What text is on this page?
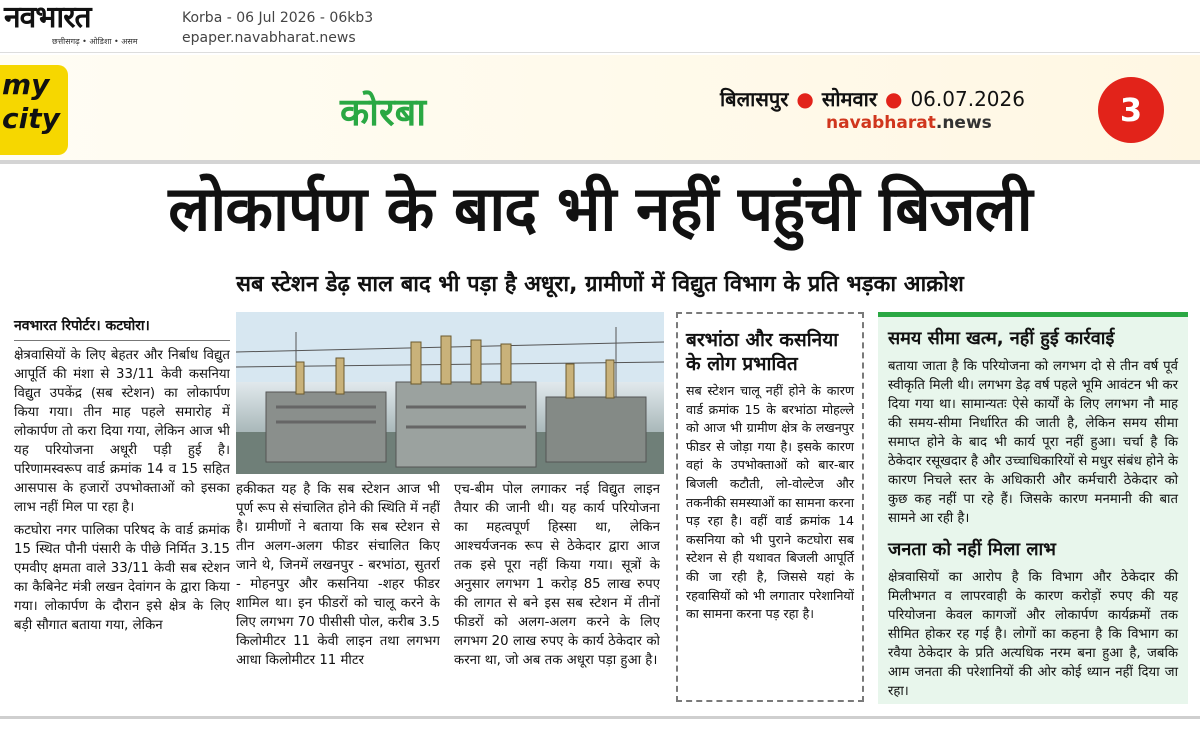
नवभारत
छत्तीसगढ़ • ओडिशा • असम
Korba - 06 Jul 2026 - 06kb3
epaper.navabharat.news
my
city	कोरबा	बिलासपुर ● सोमवार ● 06.07.2026
navabharat.news	3
लोकार्पण के बाद भी नहीं पहुंची बिजली
सब स्टेशन डेढ़ साल बाद भी पड़ा है अधूरा, ग्रामीणों में विद्युत विभाग के प्रति भड़का आक्रोश
नवभारत रिपोर्टर। कटघोरा।

क्षेत्रवासियों के लिए बेहतर और निर्बाध विद्युत आपूर्ति की मंशा से 33/11 केवी कसनिया विद्युत उपकेंद्र (सब स्टेशन) का लोकार्पण किया गया। तीन माह पहले समारोह में लोकार्पण तो करा दिया गया, लेकिन आज भी यह परियोजना अधूरी पड़ी हुई है। परिणामस्वरूप वार्ड क्रमांक 14 व 15 सहित आसपास के हजारों उपभोक्ताओं को इसका लाभ नहीं मिल पा रहा है।

कटघोरा नगर पालिका परिषद के वार्ड क्रमांक 15 स्थित पौनी पंसारी के पीछे निर्मित 3.15 एमवीए क्षमता वाले 33/11 केवी सब स्टेशन का कैबिनेट मंत्री लखन देवांगन के द्वारा किया गया। लोकार्पण के दौरान इसे क्षेत्र के लिए बड़ी सौगात बताया गया, लेकिन

हकीकत यह है कि सब स्टेशन आज भी पूर्ण रूप से संचालित होने की स्थिति में नहीं है। ग्रामीणों ने बताया कि सब स्टेशन से तीन अलग-अलग फीडर संचालित किए जाने थे, जिनमें लखनपुर - बरभांठा, सुतर्रा - मोहनपुर और कसनिया -शहर फीडर शामिल था। इन फीडरों को चालू करने के लिए लगभग 70 पीसीसी पोल, करीब 3.5 किलोमीटर 11 केवी लाइन तथा लगभग आधा किलोमीटर 11 मीटर

एच-बीम पोल लगाकर नई विद्युत लाइन तैयार की जानी थी। यह कार्य परियोजना का महत्वपूर्ण हिस्सा था, लेकिन आश्चर्यजनक रूप से ठेकेदार द्वारा आज तक इसे पूरा नहीं किया गया। सूत्रों के अनुसार लगभग 1 करोड़ 85 लाख रुपए की लागत से बने इस सब स्टेशन में तीनों फीडरों को अलग-अलग करने के लिए लगभग 20 लाख रुपए के कार्य ठेकेदार को करना था, जो अब तक अधूरा पड़ा हुआ है।

बरभांठा और कसनिया के लोग प्रभावित
सब स्टेशन चालू नहीं होने के कारण वार्ड क्रमांक 15 के बरभांठा मोहल्ले को आज भी ग्रामीण क्षेत्र के लखनपुर फीडर से जोड़ा गया है। इसके कारण वहां के उपभोक्ताओं को बार-बार बिजली कटौती, लो-वोल्टेज और तकनीकी समस्याओं का सामना करना पड़ रहा है। वहीं वार्ड क्रमांक 14 कसनिया को भी पुराने कटघोरा सब स्टेशन से ही यथावत बिजली आपूर्ति की जा रही है, जिससे यहां के रहवासियों को भी लगातार परेशानियों का सामना करना पड़ रहा है।
समय सीमा खत्म, नहीं हुई कार्रवाई
बताया जाता है कि परियोजना को लगभग दो से तीन वर्ष पूर्व स्वीकृति मिली थी। लगभग डेढ़ वर्ष पहले भूमि आवंटन भी कर दिया गया था। सामान्यतः ऐसे कार्यों के लिए लगभग नौ माह की समय-सीमा निर्धारित की जाती है, लेकिन समय सीमा समाप्त होने के बाद भी कार्य पूरा नहीं हुआ। चर्चा है कि ठेकेदार रसूखदार है और उच्चाधिकारियों से मधुर संबंध होने के कारण निचले स्तर के अधिकारी और कर्मचारी ठेकेदार को कुछ कह नहीं पा रहे हैं। जिसके कारण मनमानी की बात सामने आ रही है।
जनता को नहीं मिला लाभ
क्षेत्रवासियों का आरोप है कि विभाग और ठेकेदार की मिलीभगत व लापरवाही के कारण करोड़ों रुपए की यह परियोजना केवल कागजों और लोकार्पण कार्यक्रमों तक सीमित होकर रह गई है। लोगों का कहना है कि विभाग का रवैया ठेकेदार के प्रति अत्यधिक नरम बना हुआ है, जबकि आम जनता की परेशानियों की ओर कोई ध्यान नहीं दिया जा रहा।
